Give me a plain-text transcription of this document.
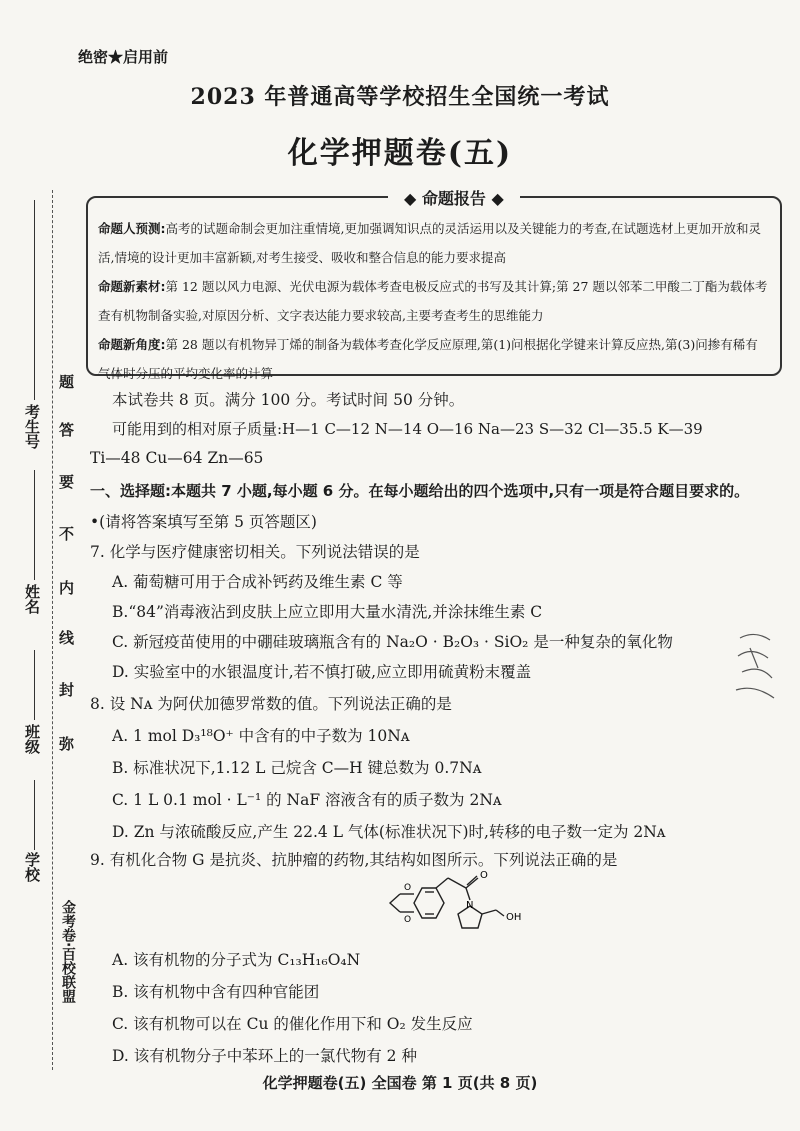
绝密★启用前
2023 年普通高等学校招生全国统一考试
化学押题卷(五)
◆ 命题报告 ◆

命题人预测:高考的试题命制会更加注重情境,更加强调知识点的灵活运用以及关键能力的考查,在试题选材上更加开放和灵活,情境的设计更加丰富新颖,对考生接受、吸收和整合信息的能力要求提高

命题新素材:第 12 题以风力电源、光伏电源为载体考查电极反应式的书写及其计算;第 27 题以邻苯二甲酸二丁酯为载体考查有机物制备实验,对原因分析、文字表达能力要求较高,主要考查考生的思维能力

命题新角度:第 28 题以有机物异丁烯的制备为载体考查化学反应原理,第(1)问根据化学键来计算反应热,第(3)问掺有稀有气体时分压的平均变化率的计算

考生号
姓名
班级
学校
题
答
要
不
内
线
封
弥
金考卷·百校联盟
本试卷共 8 页。满分 100 分。考试时间 50 分钟。
可能用到的相对原子质量:H—1 C—12 N—14 O—16 Na—23 S—32 Cl—35.5 K—39
Ti—48 Cu—64 Zn—65
一、选择题:本题共 7 小题,每小题 6 分。在每小题给出的四个选项中,只有一项是符合题目要求的。
•(请将答案填写至第 5 页答题区)
7. 化学与医疗健康密切相关。下列说法错误的是
A. 葡萄糖可用于合成补钙药及维生素 C 等
B.“84”消毒液沾到皮肤上应立即用大量水清洗,并涂抹维生素 C
C. 新冠疫苗使用的中硼硅玻璃瓶含有的 Na₂O · B₂O₃ · SiO₂ 是一种复杂的氧化物
D. 实验室中的水银温度计,若不慎打破,应立即用硫黄粉末覆盖
8. 设 Nᴀ 为阿伏加德罗常数的值。下列说法正确的是
A. 1 mol D₃¹⁸O⁺ 中含有的中子数为 10Nᴀ
B. 标准状况下,1.12 L 己烷含 C—H 键总数为 0.7Nᴀ
C. 1 L 0.1 mol · L⁻¹ 的 NaF 溶液含有的质子数为 2Nᴀ
D. Zn 与浓硫酸反应,产生 22.4 L 气体(标准状况下)时,转移的电子数一定为 2Nᴀ
9. 有机化合物 G 是抗炎、抗肿瘤的药物,其结构如图所示。下列说法正确的是
O
O
O
N
OH
A. 该有机物的分子式为 C₁₃H₁₆O₄N
B. 该有机物中含有四种官能团
C. 该有机物可以在 Cu 的催化作用下和 O₂ 发生反应
D. 该有机物分子中苯环上的一氯代物有 2 种
化学押题卷(五) 全国卷 第 1 页(共 8 页)
